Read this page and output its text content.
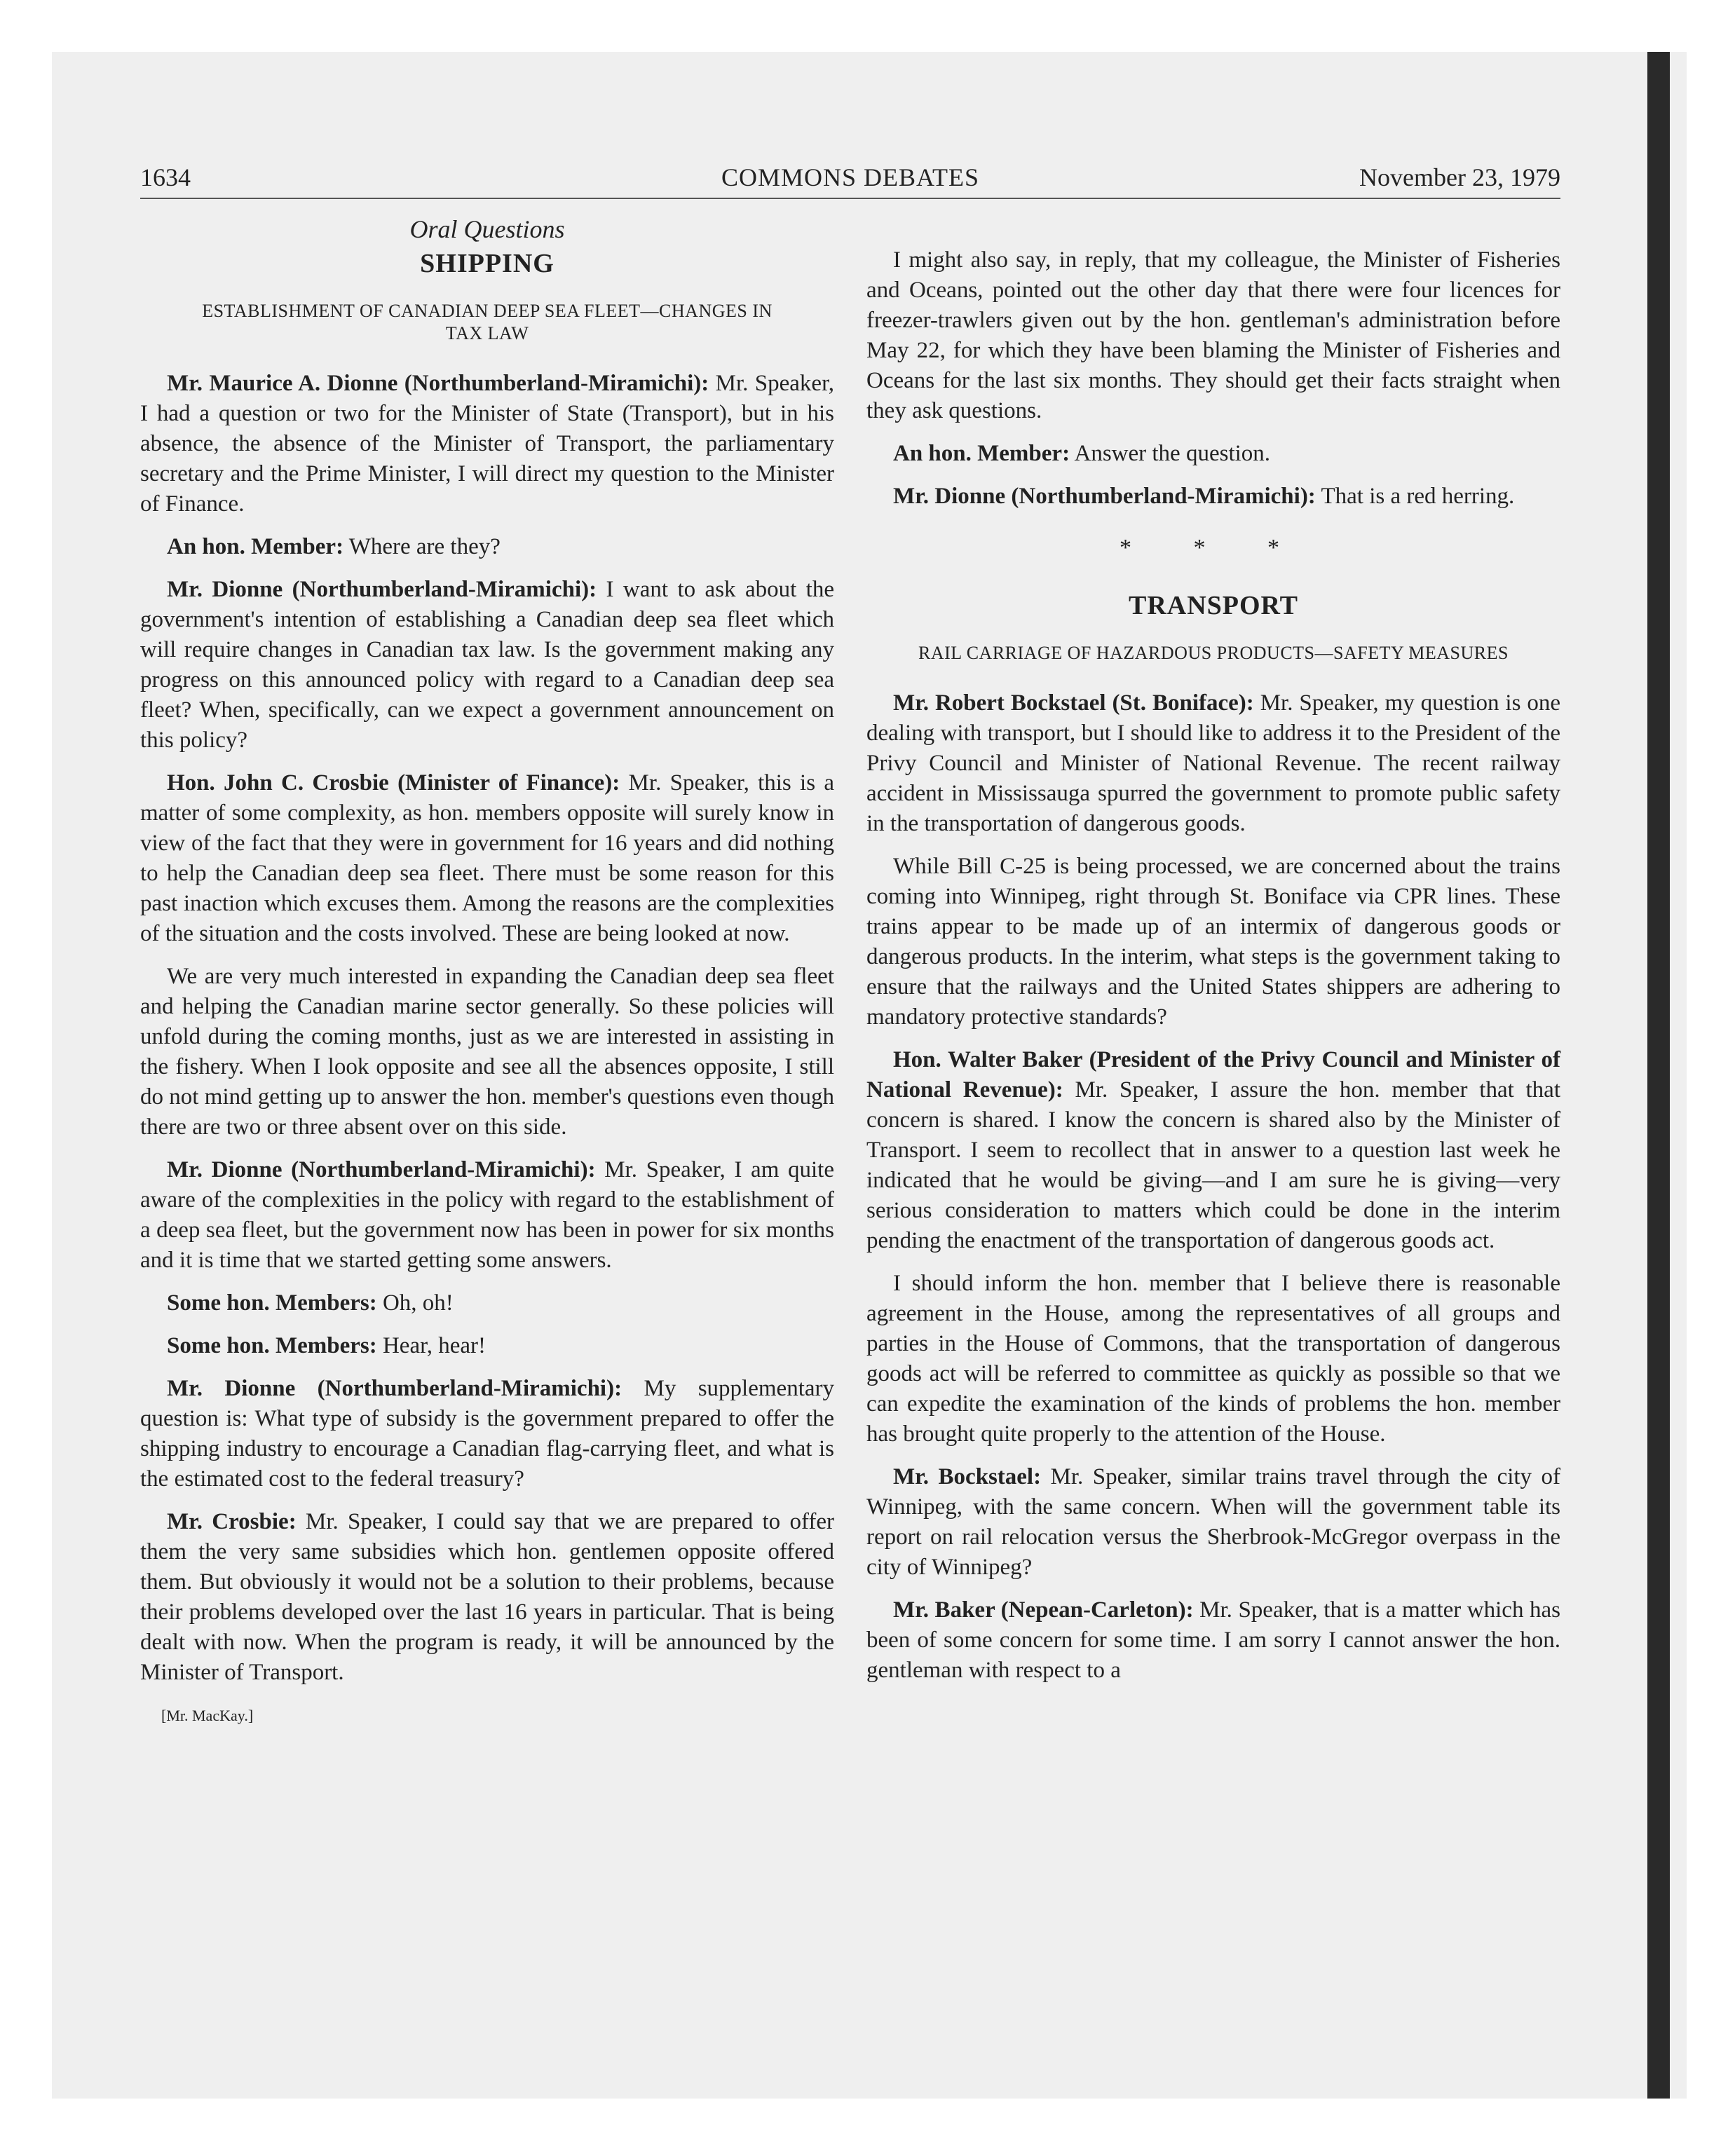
1634	COMMONS DEBATES	November 23, 1979
Oral Questions
SHIPPING
ESTABLISHMENT OF CANADIAN DEEP SEA FLEET—CHANGES IN TAX LAW

Mr. Maurice A. Dionne (Northumberland-Miramichi): Mr. Speaker, I had a question or two for the Minister of State (Transport), but in his absence, the absence of the Minister of Transport, the parliamentary secretary and the Prime Minister, I will direct my question to the Minister of Finance.

An hon. Member: Where are they?

Mr. Dionne (Northumberland-Miramichi): I want to ask about the government's intention of establishing a Canadian deep sea fleet which will require changes in Canadian tax law. Is the government making any progress on this announced policy with regard to a Canadian deep sea fleet? When, specifically, can we expect a government announcement on this policy?

Hon. John C. Crosbie (Minister of Finance): Mr. Speaker, this is a matter of some complexity, as hon. members opposite will surely know in view of the fact that they were in government for 16 years and did nothing to help the Canadian deep sea fleet. There must be some reason for this past inaction which excuses them. Among the reasons are the complexities of the situation and the costs involved. These are being looked at now.

We are very much interested in expanding the Canadian deep sea fleet and helping the Canadian marine sector generally. So these policies will unfold during the coming months, just as we are interested in assisting in the fishery. When I look opposite and see all the absences opposite, I still do not mind getting up to answer the hon. member's questions even though there are two or three absent over on this side.

Mr. Dionne (Northumberland-Miramichi): Mr. Speaker, I am quite aware of the complexities in the policy with regard to the establishment of a deep sea fleet, but the government now has been in power for six months and it is time that we started getting some answers.

Some hon. Members: Oh, oh!

Some hon. Members: Hear, hear!

Mr. Dionne (Northumberland-Miramichi): My supplementary question is: What type of subsidy is the government prepared to offer the shipping industry to encourage a Canadian flag-carrying fleet, and what is the estimated cost to the federal treasury?

Mr. Crosbie: Mr. Speaker, I could say that we are prepared to offer them the very same subsidies which hon. gentlemen opposite offered them. But obviously it would not be a solution to their problems, because their problems developed over the last 16 years in particular. That is being dealt with now. When the program is ready, it will be announced by the Minister of Transport.

[Mr. MacKay.]

I might also say, in reply, that my colleague, the Minister of Fisheries and Oceans, pointed out the other day that there were four licences for freezer-trawlers given out by the hon. gentleman's administration before May 22, for which they have been blaming the Minister of Fisheries and Oceans for the last six months. They should get their facts straight when they ask questions.

An hon. Member: Answer the question.

Mr. Dionne (Northumberland-Miramichi): That is a red herring.

* * *
TRANSPORT
RAIL CARRIAGE OF HAZARDOUS PRODUCTS—SAFETY MEASURES

Mr. Robert Bockstael (St. Boniface): Mr. Speaker, my question is one dealing with transport, but I should like to address it to the President of the Privy Council and Minister of National Revenue. The recent railway accident in Mississauga spurred the government to promote public safety in the transportation of dangerous goods.

While Bill C-25 is being processed, we are concerned about the trains coming into Winnipeg, right through St. Boniface via CPR lines. These trains appear to be made up of an intermix of dangerous goods or dangerous products. In the interim, what steps is the government taking to ensure that the railways and the United States shippers are adhering to mandatory protective standards?

Hon. Walter Baker (President of the Privy Council and Minister of National Revenue): Mr. Speaker, I assure the hon. member that that concern is shared. I know the concern is shared also by the Minister of Transport. I seem to recollect that in answer to a question last week he indicated that he would be giving—and I am sure he is giving—very serious consideration to matters which could be done in the interim pending the enactment of the transportation of dangerous goods act.

I should inform the hon. member that I believe there is reasonable agreement in the House, among the representatives of all groups and parties in the House of Commons, that the transportation of dangerous goods act will be referred to committee as quickly as possible so that we can expedite the examination of the kinds of problems the hon. member has brought quite properly to the attention of the House.

Mr. Bockstael: Mr. Speaker, similar trains travel through the city of Winnipeg, with the same concern. When will the government table its report on rail relocation versus the Sherbrook-McGregor overpass in the city of Winnipeg?

Mr. Baker (Nepean-Carleton): Mr. Speaker, that is a matter which has been of some concern for some time. I am sorry I cannot answer the hon. gentleman with respect to a
